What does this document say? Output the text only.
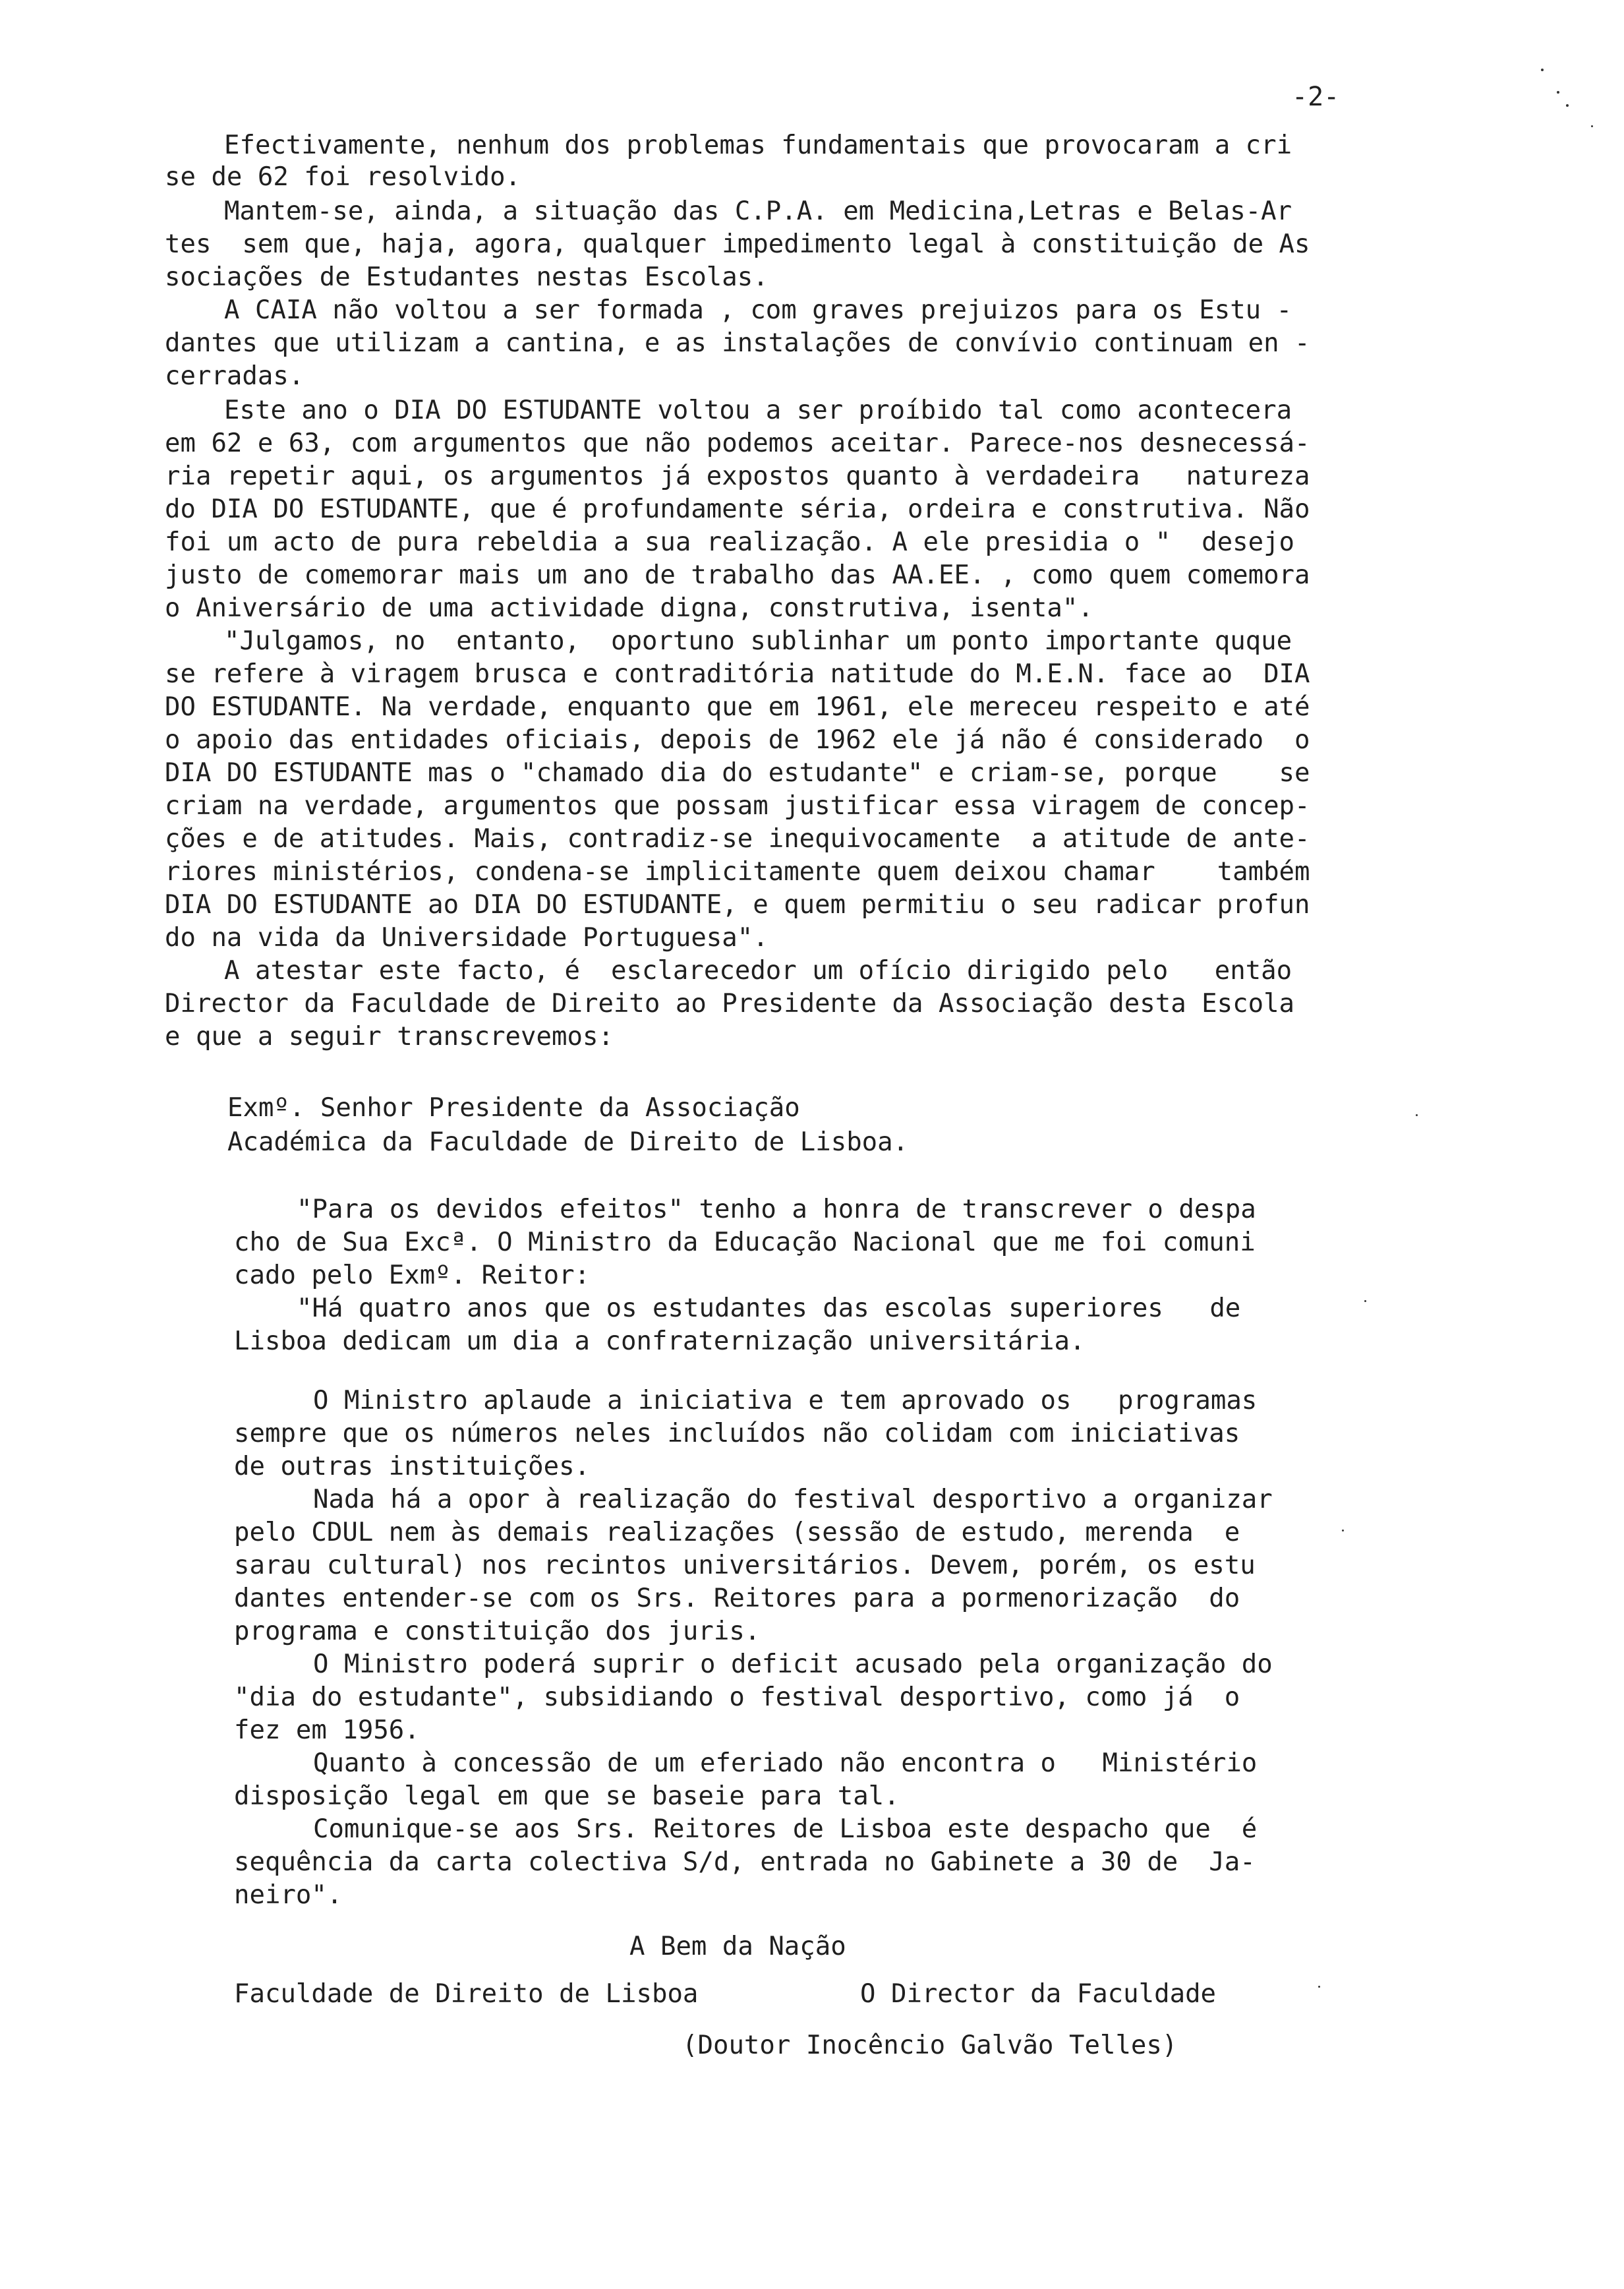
-2-
Efectivamente, nenhum dos problemas fundamentais que provocaram a cri
se de 62 foi resolvido.
Mantem-se, ainda, a situação das C.P.A. em Medicina,Letras e Belas-Ar
tes  sem que, haja, agora, qualquer impedimento legal à constituição de As
sociações de Estudantes nestas Escolas.
A CAIA não voltou a ser formada , com graves prejuizos para os Estu -
dantes que utilizam a cantina, e as instalações de convívio continuam en -
cerradas.
Este ano o DIA DO ESTUDANTE voltou a ser proíbido tal como acontecera
em 62 e 63, com argumentos que não podemos aceitar. Parece-nos desnecessá-
ria repetir aqui, os argumentos já expostos quanto à verdadeira   natureza
do DIA DO ESTUDANTE, que é profundamente séria, ordeira e construtiva. Não
foi um acto de pura rebeldia a sua realização. A ele presidia o "  desejo
justo de comemorar mais um ano de trabalho das AA.EE. , como quem comemora
o Aniversário de uma actividade digna, construtiva, isenta".
"Julgamos, no  entanto,  oportuno sublinhar um ponto importante quque
se refere à viragem brusca e contraditória natitude do M.E.N. face ao  DIA
DO ESTUDANTE. Na verdade, enquanto que em 1961, ele mereceu respeito e até
o apoio das entidades oficiais, depois de 1962 ele já não é considerado  o
DIA DO ESTUDANTE mas o "chamado dia do estudante" e criam-se, porque    se
criam na verdade, argumentos que possam justificar essa viragem de concep-
ções e de atitudes. Mais, contradiz-se inequivocamente  a atitude de ante-
riores ministérios, condena-se implicitamente quem deixou chamar    também
DIA DO ESTUDANTE ao DIA DO ESTUDANTE, e quem permitiu o seu radicar profun
do na vida da Universidade Portuguesa".
A atestar este facto, é  esclarecedor um ofício dirigido pelo   então
Director da Faculdade de Direito ao Presidente da Associação desta Escola
e que a seguir transcrevemos:
Exmº. Senhor Presidente da Associação
Académica da Faculdade de Direito de Lisboa.
"Para os devidos efeitos" tenho a honra de transcrever o despa
cho de Sua Excª. O Ministro da Educação Nacional que me foi comuni
cado pelo Exmº. Reitor:
"Há quatro anos que os estudantes das escolas superiores   de
Lisboa dedicam um dia a confraternização universitária.
O Ministro aplaude a iniciativa e tem aprovado os   programas
sempre que os números neles incluídos não colidam com iniciativas
de outras instituições.
Nada há a opor à realização do festival desportivo a organizar
pelo CDUL nem às demais realizações (sessão de estudo, merenda  e
sarau cultural) nos recintos universitários. Devem, porém, os estu
dantes entender-se com os Srs. Reitores para a pormenorização  do
programa e constituição dos juris.
O Ministro poderá suprir o deficit acusado pela organização do
"dia do estudante", subsidiando o festival desportivo, como já  o
fez em 1956.
Quanto à concessão de um eferiado não encontra o   Ministério
disposição legal em que se baseie para tal.
Comunique-se aos Srs. Reitores de Lisboa este despacho que  é
sequência da carta colectiva S/d, entrada no Gabinete a 30 de  Ja-
neiro".
A Bem da Nação
Faculdade de Direito de Lisboa	O Director da Faculdade
(Doutor Inocêncio Galvão Telles)
